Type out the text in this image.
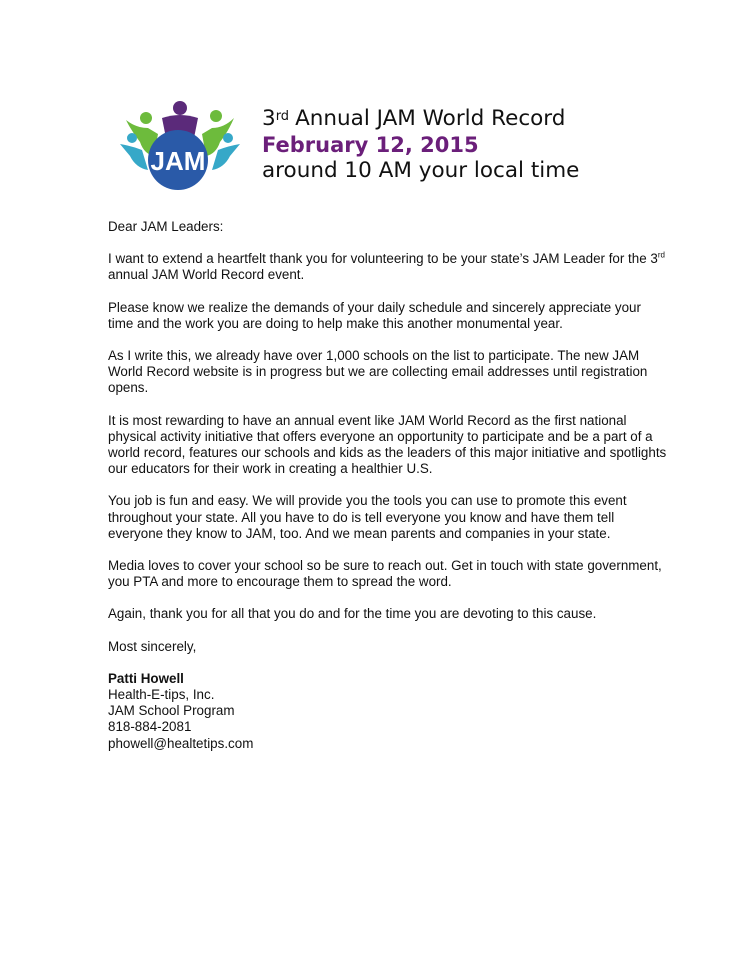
JAM
3rd Annual JAM World Record
February 12, 2015
around 10 AM your local time

Dear JAM Leaders:

I want to extend a heartfelt thank you for volunteering to be your state’s JAM Leader for the 3rd annual JAM World Record event.

Please know we realize the demands of your daily schedule and sincerely appreciate your time and the work you are doing to help make this another monumental year.

As I write this, we already have over 1,000 schools on the list to participate. The new JAM World Record website is in progress but we are collecting email addresses until registration opens.

It is most rewarding to have an annual event like JAM World Record as the first national physical activity initiative that offers everyone an opportunity to participate and be a part of a world record, features our schools and kids as the leaders of this major initiative and spotlights our educators for their work in creating a healthier U.S.

You job is fun and easy. We will provide you the tools you can use to promote this event throughout your state. All you have to do is tell everyone you know and have them tell everyone they know to JAM, too. And we mean parents and companies in your state.

Media loves to cover your school so be sure to reach out. Get in touch with state government, you PTA and more to encourage them to spread the word.

Again, thank you for all that you do and for the time you are devoting to this cause.

Most sincerely,

Patti Howell

Health-E-tips, Inc.

JAM School Program

818-884-2081

phowell@healtetips.com
